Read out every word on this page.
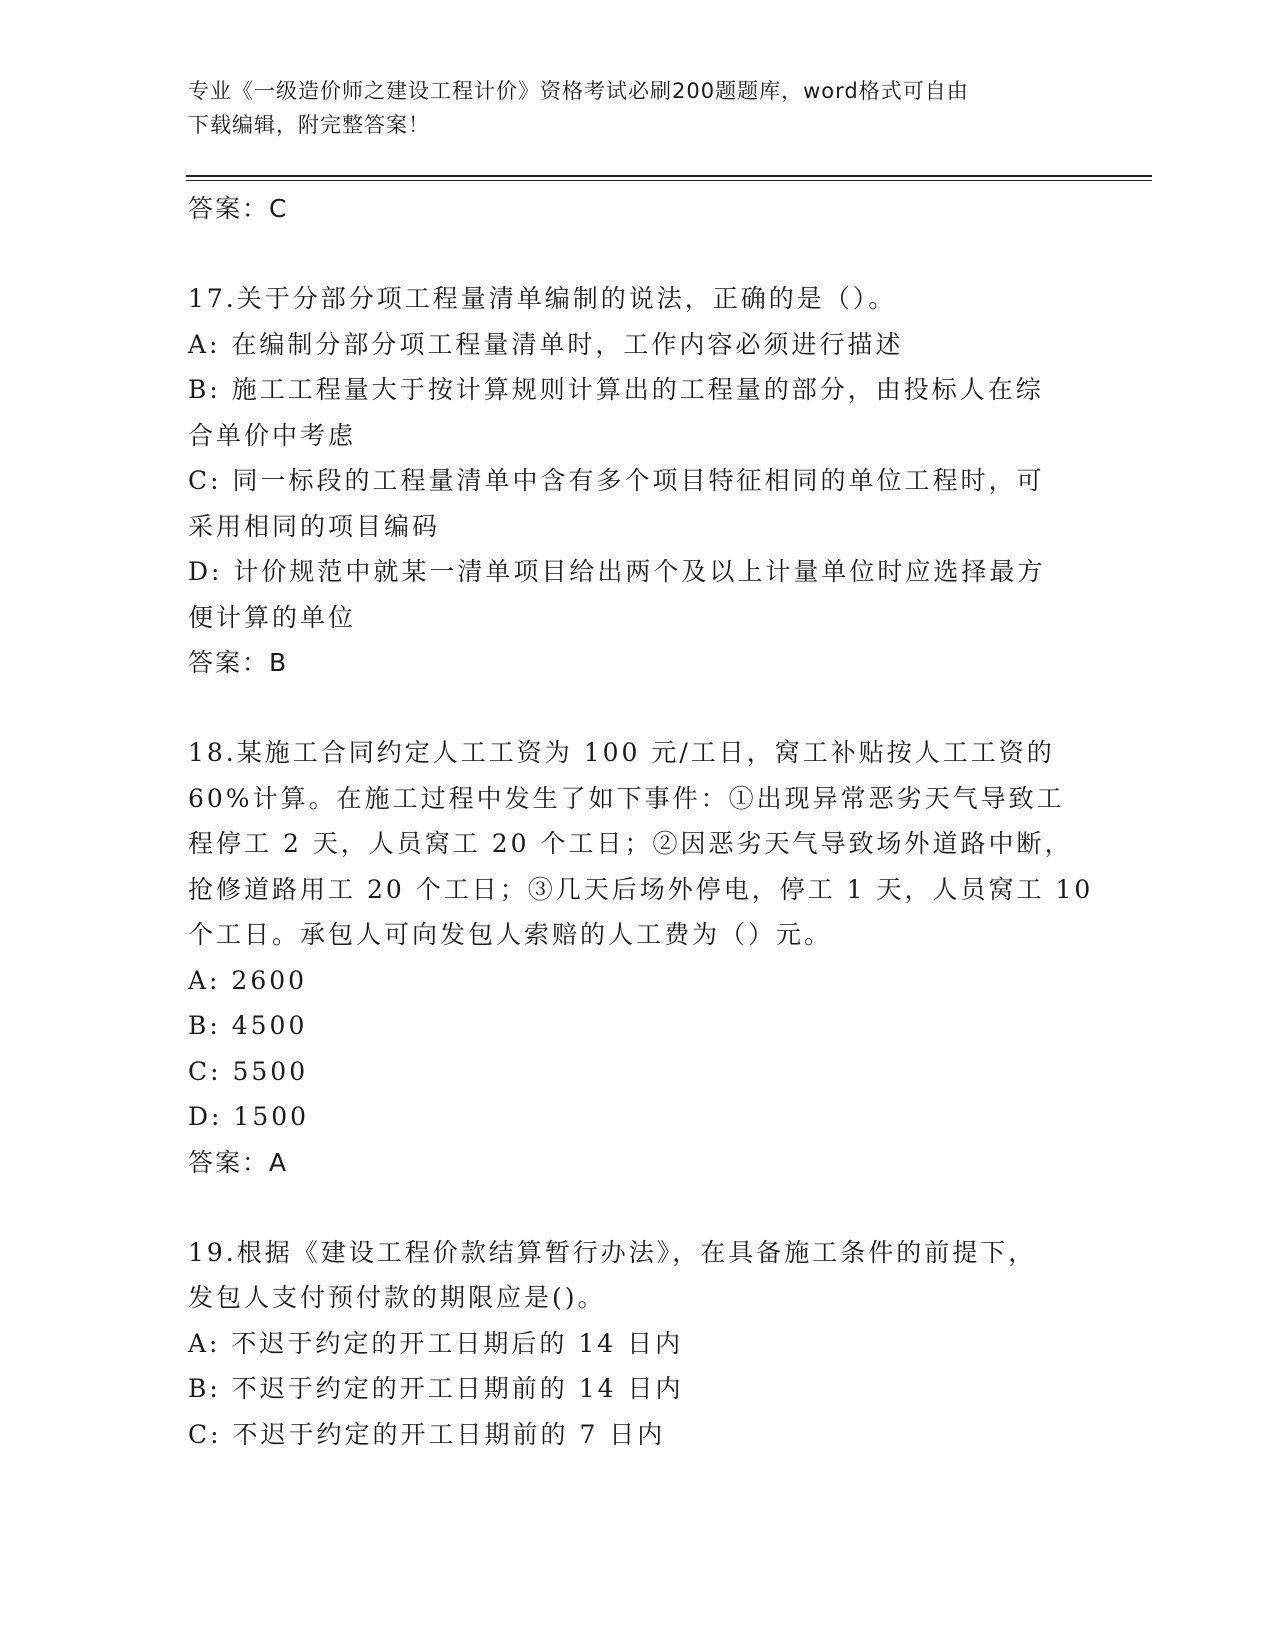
专业《一级造价师之建设工程计价》资格考试必刷200题题库，word格式可自由
下载编辑，附完整答案！
答案：C
17.关于分部分项工程量清单编制的说法，正确的是（）。
A: 在编制分部分项工程量清单时，工作内容必须进行描述
B: 施工工程量大于按计算规则计算出的工程量的部分，由投标人在综
合单价中考虑
C: 同一标段的工程量清单中含有多个项目特征相同的单位工程时，可
采用相同的项目编码
D: 计价规范中就某一清单项目给出两个及以上计量单位时应选择最方
便计算的单位
答案：B
18.某施工合同约定人工工资为 100 元/工日，窝工补贴按人工工资的
60%计算。在施工过程中发生了如下事件：①出现异常恶劣天气导致工
程停工 2 天，人员窝工 20 个工日；②因恶劣天气导致场外道路中断，
抢修道路用工 20 个工日；③几天后场外停电，停工 1 天，人员窝工 10
个工日。承包人可向发包人索赔的人工费为（）元。
A: 2600
B: 4500
C: 5500
D: 1500
答案：A
19.根据《建设工程价款结算暂行办法》，在具备施工条件的前提下，
发包人支付预付款的期限应是()。
A: 不迟于约定的开工日期后的 14 日内
B: 不迟于约定的开工日期前的 14 日内
C: 不迟于约定的开工日期前的 7 日内
